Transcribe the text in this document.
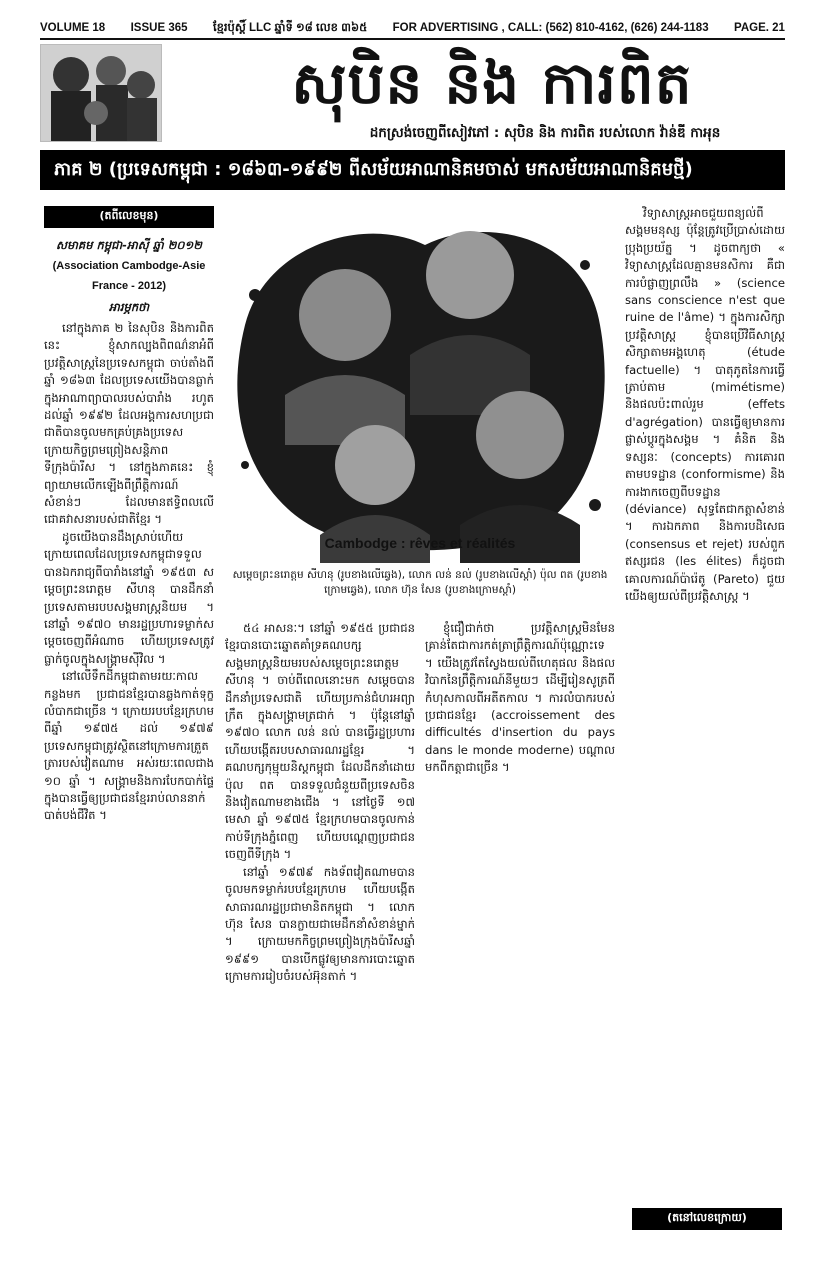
VOLUME 18 ISSUE 365 ខ្មែរប៉ុស្ដិ៍ LLC ឆ្នាំទី ១៨ លេខ ៣៦៥ FOR ADVERTISING , CALL: (562) 810-4162, (626) 244-1183 PAGE. 21
សុបិន និង ការពិត
ដកស្រង់ចេញពីសៀវភៅ : សុបិន និង ការពិត របស់លោក វ៉ាន់ឌី កាអុន
ភាគ ២ (ប្រទេសកម្ពុជា : ១៨៦៣-១៩៩២ ពីសម័យអាណានិគមចាស់ មកសម័យអាណានិគមថ្មី)
(តពីលេខមុន)
សមាគម កម្ពុជា-អាស៊ី ឆ្នាំ ២០១២
(Association Cambodge-Asie
France - 2012)
អារម្ភកថា

នៅក្នុងភាគ ២ នៃសុបិន និងការពិតនេះ ខ្ញុំសាកល្បងពិពណ៌នាអំពីប្រវត្តិសាស្ត្រនៃប្រទេសកម្ពុជា ចាប់តាំងពីឆ្នាំ ១៨៦៣ ដែលប្រទេសយើងបានធ្លាក់ក្នុងអាណាព្យាបាលរបស់បារាំង រហូតដល់ឆ្នាំ ១៩៩២ ដែលអង្គការសហប្រជាជាតិបានចូលមកគ្រប់គ្រងប្រទេស ក្រោយកិច្ចព្រមព្រៀងសន្តិភាពទីក្រុងប៉ារីស ។ នៅក្នុងភាគនេះ ខ្ញុំព្យាយាមលើកឡើងពីព្រឹត្តិការណ៍សំខាន់ៗ ដែលមានឥទ្ធិពលលើជោគវាសនារបស់ជាតិខ្មែរ ។

ដូចយើងបានដឹងស្រាប់ហើយ ក្រោយពេលដែលប្រទេសកម្ពុជាទទួលបានឯករាជ្យពីបារាំងនៅឆ្នាំ ១៩៥៣ សម្តេចព្រះនរោត្តម សីហនុ បានដឹកនាំប្រទេសតាមរបបសង្គមរាស្ត្រនិយម ។ នៅឆ្នាំ ១៩៧០ មានរដ្ឋប្រហារទម្លាក់សម្តេចចេញពីអំណាច ហើយប្រទេសត្រូវធ្លាក់ចូលក្នុងសង្គ្រាមស៊ីវិល ។

នៅលើទឹកដីកម្ពុជាតាមរយៈកាលកន្លងមក ប្រជាជនខ្មែរបានឆ្លងកាត់ទុក្ខលំបាកជាច្រើន ។ ក្រោយរបបខ្មែរក្រហម ពីឆ្នាំ ១៩៧៥ ដល់ ១៩៧៩ ប្រទេសកម្ពុជាត្រូវស្ថិតនៅក្រោមការត្រួតត្រារបស់វៀតណាម អស់រយៈពេលជាង ១០ ឆ្នាំ ។ សង្គ្រាមនិងការបែកបាក់ផ្ទៃក្នុងបានធ្វើឲ្យប្រជាជនខ្មែររាប់លាននាក់បាត់បង់ជីវិត ។

Cambodge : rêves et réalités
សម្តេចព្រះនរោត្តម សីហនុ (រូបខាងលើឆ្វេង), លោក លន់ នល់ (រូបខាងលើស្ដាំ) ប៉ុល ពត (រូបខាងក្រោមឆ្វេង), លោក ហ៊ុន សែន (រូបខាងក្រោមស្ដាំ)

៥៤ អាសនៈ។ នៅឆ្នាំ ១៩៥៥ ប្រជាជនខ្មែរបានបោះឆ្នោតគាំទ្រគណបក្សសង្គមរាស្ត្រនិយមរបស់សម្តេចព្រះនរោត្តម សីហនុ ។ ចាប់ពីពេលនោះមក សម្តេចបានដឹកនាំប្រទេសជាតិ ហើយប្រកាន់ជំហរអព្យាក្រឹត ក្នុងសង្គ្រាមត្រជាក់ ។ ប៉ុន្តែនៅឆ្នាំ ១៩៧០ លោក លន់ នល់ បានធ្វើរដ្ឋប្រហារ ហើយបង្កើតរបបសាធារណរដ្ឋខ្មែរ ។ គណបក្សកុម្មុយនិស្តកម្ពុជា ដែលដឹកនាំដោយ ប៉ុល ពត បានទទួលជំនួយពីប្រទេសចិន និងវៀតណាមខាងជើង ។ នៅថ្ងៃទី ១៧ មេសា ឆ្នាំ ១៩៧៥ ខ្មែរក្រហមបានចូលកាន់កាប់ទីក្រុងភ្នំពេញ ហើយបណ្តេញប្រជាជនចេញពីទីក្រុង ។

នៅឆ្នាំ ១៩៧៩ កងទ័ពវៀតណាមបានចូលមកទម្លាក់របបខ្មែរក្រហម ហើយបង្កើតសាធារណរដ្ឋប្រជាមានិតកម្ពុជា ។ លោក ហ៊ុន សែន បានក្លាយជាមេដឹកនាំសំខាន់ម្នាក់ ។ ក្រោយមកកិច្ចព្រមព្រៀងក្រុងប៉ារីសឆ្នាំ ១៩៩១ បានបើកផ្លូវឲ្យមានការបោះឆ្នោតក្រោមការរៀបចំរបស់អ៊ុនតាក់ ។

ខ្ញុំជឿជាក់ថា ប្រវត្តិសាស្ត្រមិនមែនគ្រាន់តែជាការកត់ត្រាព្រឹត្តិការណ៍ប៉ុណ្ណោះទេ ។ យើងត្រូវតែស្វែងយល់ពីហេតុផល និងផលវិបាកនៃព្រឹត្តិការណ៍នីមួយៗ ដើម្បីរៀនសូត្រពីកំហុសកាលពីអតីតកាល ។ ការលំបាករបស់ប្រជាជនខ្មែរ (accroissement des difficultés d'insertion du pays dans le monde moderne) បណ្តាលមកពីកត្តាជាច្រើន ។

វិទ្យាសាស្ត្រអាចជួយពន្យល់ពីសង្គមមនុស្ស ប៉ុន្តែត្រូវប្រើប្រាស់ដោយប្រុងប្រយ័ត្ន ។ ដូចពាក្យថា « វិទ្យាសាស្ត្រដែលគ្មានមនសិការ គឺជាការបំផ្លាញព្រលឹង » (science sans conscience n'est que ruine de l'âme) ។ ក្នុងការសិក្សាប្រវត្តិសាស្ត្រ ខ្ញុំបានប្រើវិធីសាស្ត្រសិក្សាតាមអង្គហេតុ (étude factuelle) ។ បាតុភូតនៃការធ្វើត្រាប់តាម (mimétisme) និងផលប៉ះពាល់រួម (effets d'agrégation) បានធ្វើឲ្យមានការផ្លាស់ប្តូរក្នុងសង្គម ។ គំនិត និងទស្សនៈ (concepts) ការគោរពតាមបទដ្ឋាន (conformisme) និងការងាកចេញពីបទដ្ឋាន (déviance) សុទ្ធតែជាកត្តាសំខាន់ ។ ការឯកភាព និងការបដិសេធ (consensus et rejet) របស់ពួកឥស្សរជន (les élites) ក៏ដូចជាគោលការណ៍ប៉ារ៉េតូ (Pareto) ជួយយើងឲ្យយល់ពីប្រវត្តិសាស្ត្រ ។

(តនៅលេខក្រោយ)
